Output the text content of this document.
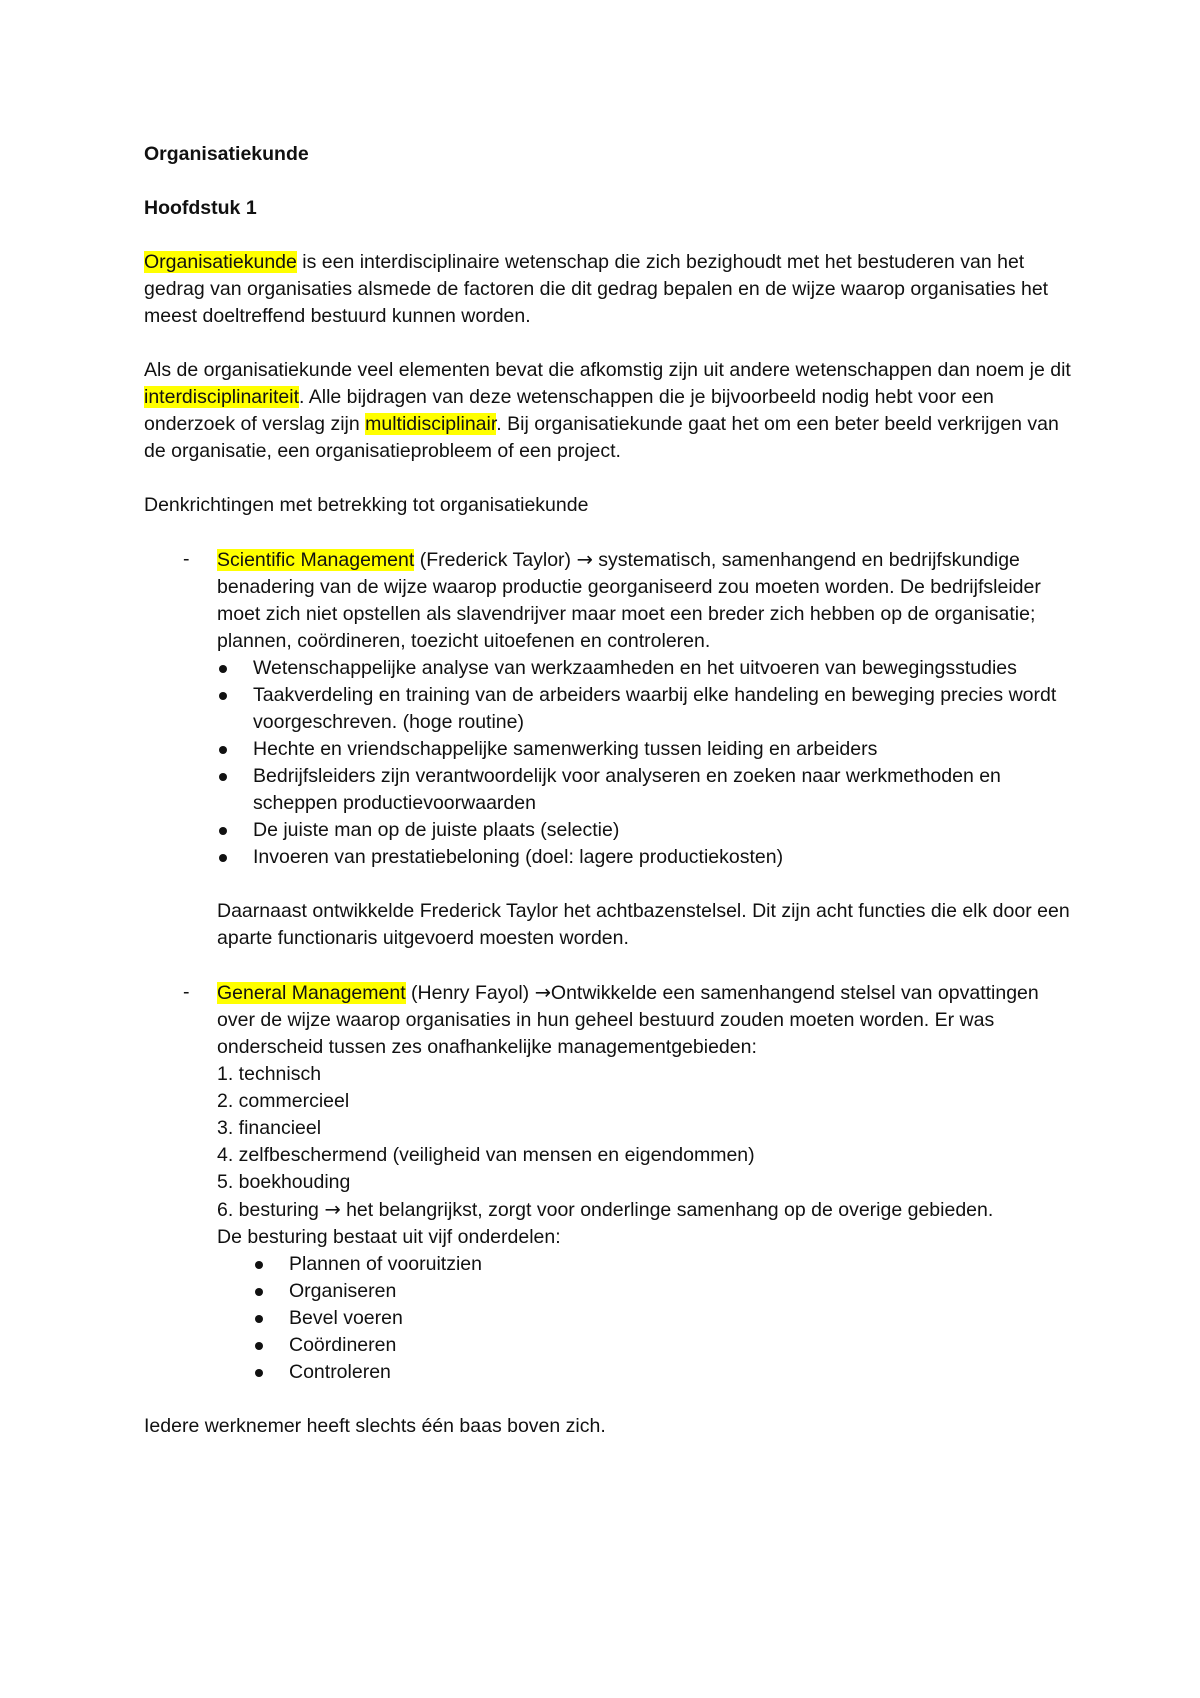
Organisatiekunde

Hoofdstuk 1

Organisatiekunde is een interdisciplinaire wetenschap die zich bezighoudt met het bestuderen van het gedrag van organisaties alsmede de factoren die dit gedrag bepalen en de wijze waarop organisaties het meest doeltreffend bestuurd kunnen worden.

Als de organisatiekunde veel elementen bevat die afkomstig zijn uit andere wetenschappen dan noem je dit interdisciplinariteit. Alle bijdragen van deze wetenschappen die je bijvoorbeeld nodig hebt voor een onderzoek of verslag zijn multidisciplinair. Bij organisatiekunde gaat het om een beter beeld verkrijgen van de organisatie, een organisatieprobleem of een project.

Denkrichtingen met betrekking tot organisatiekunde

- Scientific Management (Frederick Taylor) → systematisch, samenhangend en bedrijfskundige benadering van de wijze waarop productie georganiseerd zou moeten worden. De bedrijfsleider moet zich niet opstellen als slavendrijver maar moet een breder zich hebben op de organisatie; plannen, coördineren, toezicht uitoefenen en controleren.

Wetenschappelijke analyse van werkzaamheden en het uitvoeren van bewegingsstudies
Taakverdeling en training van de arbeiders waarbij elke handeling en beweging precies wordt voorgeschreven. (hoge routine)
Hechte en vriendschappelijke samenwerking tussen leiding en arbeiders
Bedrijfsleiders zijn verantwoordelijk voor analyseren en zoeken naar werkmethoden en scheppen productievoorwaarden
De juiste man op de juiste plaats (selectie)
Invoeren van prestatiebeloning (doel: lagere productiekosten)

Daarnaast ontwikkelde Frederick Taylor het achtbazenstelsel. Dit zijn acht functies die elk door een aparte functionaris uitgevoerd moesten worden.

- General Management (Henry Fayol) →Ontwikkelde een samenhangend stelsel van opvattingen over de wijze waarop organisaties in hun geheel bestuurd zouden moeten worden. Er was onderscheid tussen zes onafhankelijke managementgebieden:

1. technisch

2. commercieel

3. financieel

4. zelfbeschermend (veiligheid van mensen en eigendommen)

5. boekhouding

6. besturing → het belangrijkst, zorgt voor onderlinge samenhang op de overige gebieden.

De besturing bestaat uit vijf onderdelen:

Plannen of vooruitzien
Organiseren
Bevel voeren
Coördineren
Controleren

Iedere werknemer heeft slechts één baas boven zich.
